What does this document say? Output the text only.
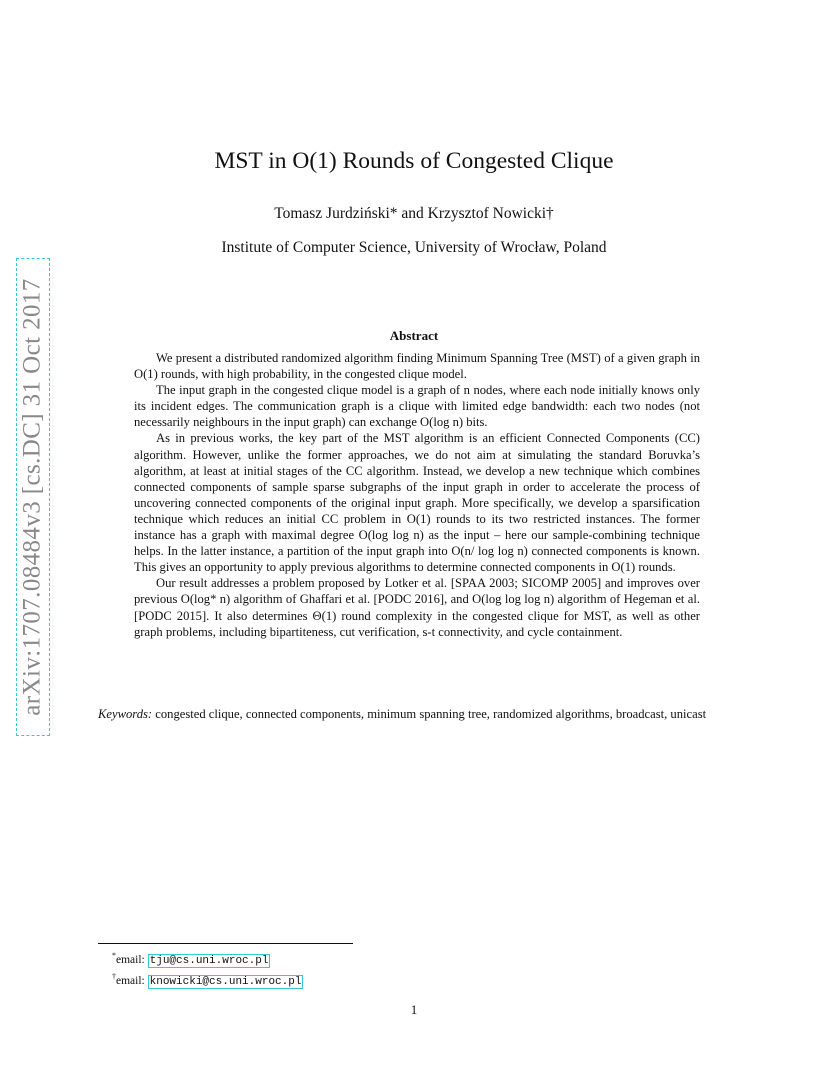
arXiv:1707.08484v3 [cs.DC] 31 Oct 2017
MST in O(1) Rounds of Congested Clique
Tomasz Jurdziński* and Krzysztof Nowicki†
Institute of Computer Science, University of Wrocław, Poland
Abstract

We present a distributed randomized algorithm finding Minimum Spanning Tree (MST) of a given graph in O(1) rounds, with high probability, in the congested clique model.

The input graph in the congested clique model is a graph of n nodes, where each node initially knows only its incident edges. The communication graph is a clique with limited edge bandwidth: each two nodes (not necessarily neighbours in the input graph) can exchange O(log n) bits.

As in previous works, the key part of the MST algorithm is an efficient Connected Components (CC) algorithm. However, unlike the former approaches, we do not aim at simulating the standard Boruvka’s algorithm, at least at initial stages of the CC algorithm. Instead, we develop a new technique which combines connected components of sample sparse subgraphs of the input graph in order to accelerate the process of uncovering connected components of the original input graph. More specifically, we develop a sparsification technique which reduces an initial CC problem in O(1) rounds to its two restricted instances. The former instance has a graph with maximal degree O(log log n) as the input – here our sample-combining technique helps. In the latter instance, a partition of the input graph into O(n/ log log n) connected components is known. This gives an opportunity to apply previous algorithms to determine connected components in O(1) rounds.

Our result addresses a problem proposed by Lotker et al. [SPAA 2003; SICOMP 2005] and improves over previous O(log* n) algorithm of Ghaffari et al. [PODC 2016], and O(log log log n) algorithm of Hegeman et al. [PODC 2015]. It also determines Θ(1) round complexity in the congested clique for MST, as well as other graph problems, including bipartiteness, cut verification, s-t connectivity, and cycle containment.

Keywords: congested clique, connected components, minimum spanning tree, randomized algorithms, broadcast, unicast
*email: tju@cs.uni.wroc.pl
†email: knowicki@cs.uni.wroc.pl
1
